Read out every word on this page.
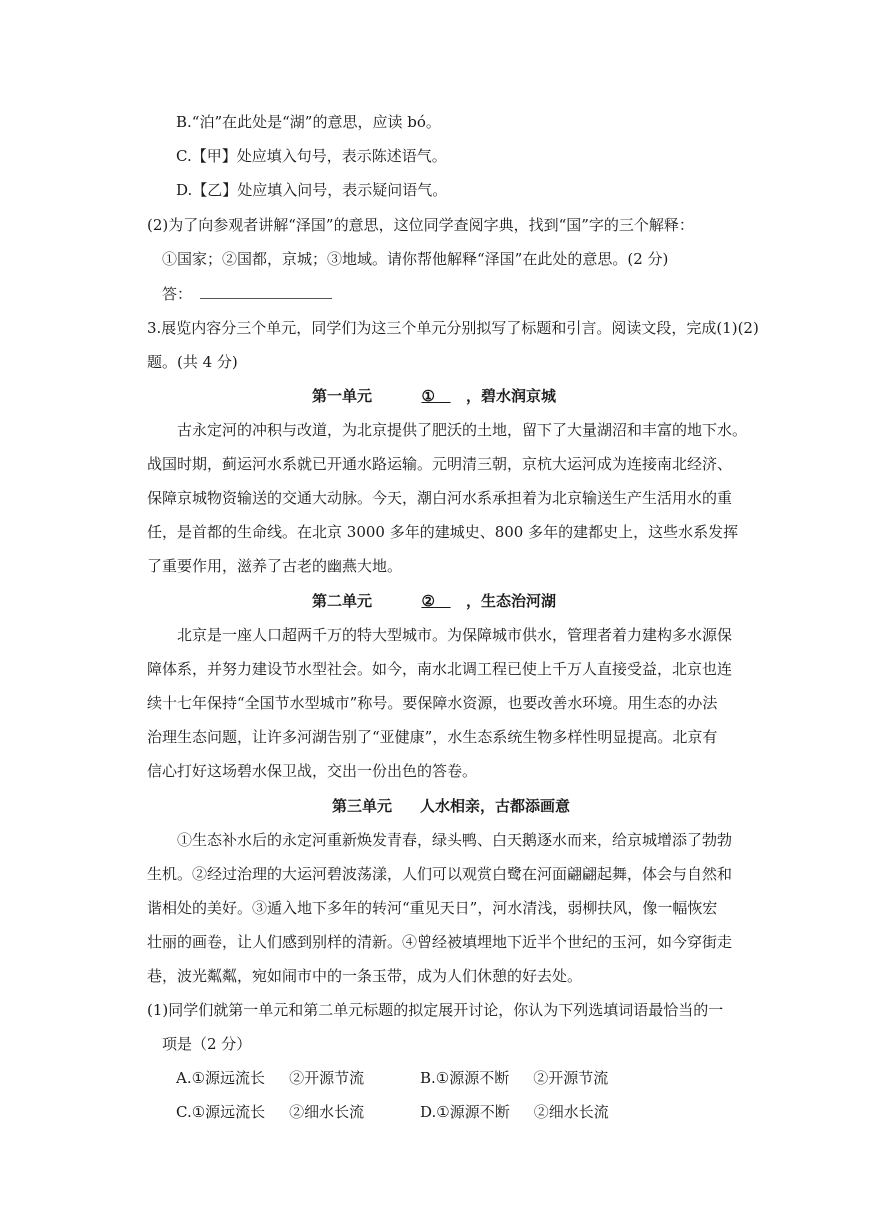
B.“泊”在此处是“湖”的意思，应读 bó。
C.【甲】处应填入句号，表示陈述语气。
D.【乙】处应填入问号，表示疑问语气。
(2)为了向参观者讲解“泽国”的意思，这位同学查阅字典，找到“国”字的三个解释：
①国家；②国都，京城；③地域。请你帮他解释“泽国”在此处的意思。(2 分)
答：
3.展览内容分三个单元，同学们为这三个单元分别拟写了标题和引言。阅读文段，完成(1)(2)
题。(共 4 分)
第一单元	① ，碧水润京城
古永定河的冲积与改道，为北京提供了肥沃的土地，留下了大量湖沼和丰富的地下水。
战国时期，蓟运河水系就已开通水路运输。元明清三朝，京杭大运河成为连接南北经济、
保障京城物资输送的交通大动脉。今天，潮白河水系承担着为北京输送生产生活用水的重
任，是首都的生命线。在北京 3000 多年的建城史、800 多年的建都史上，这些水系发挥
了重要作用，滋养了古老的幽燕大地。
第二单元	② ，生态治河湖
北京是一座人口超两千万的特大型城市。为保障城市供水，管理者着力建构多水源保
障体系，并努力建设节水型社会。如今，南水北调工程已使上千万人直接受益，北京也连
续十七年保持“全国节水型城市”称号。要保障水资源，也要改善水环境。用生态的办法
治理生态问题，让许多河湖告别了“亚健康”，水生态系统生物多样性明显提高。北京有
信心打好这场碧水保卫战，交出一份出色的答卷。
第三单元 人水相亲，古都添画意
①生态补水后的永定河重新焕发青春，绿头鸭、白天鹅逐水而来，给京城增添了勃勃
生机。②经过治理的大运河碧波荡漾，人们可以观赏白鹭在河面翩翩起舞，体会与自然和
谐相处的美好。③遁入地下多年的转河“重见天日”，河水清浅，弱柳扶风，像一幅恢宏
壮丽的画卷，让人们感到别样的清新。④曾经被填埋地下近半个世纪的玉河，如今穿街走
巷，波光粼粼，宛如闹市中的一条玉带，成为人们休憩的好去处。
(1)同学们就第一单元和第二单元标题的拟定展开讨论，你认为下列选填词语最恰当的一
项是（2 分）
A.①源远流长 ②开源节流	B.①源源不断 ②开源节流
C.①源远流长 ②细水长流	D.①源源不断 ②细水长流
